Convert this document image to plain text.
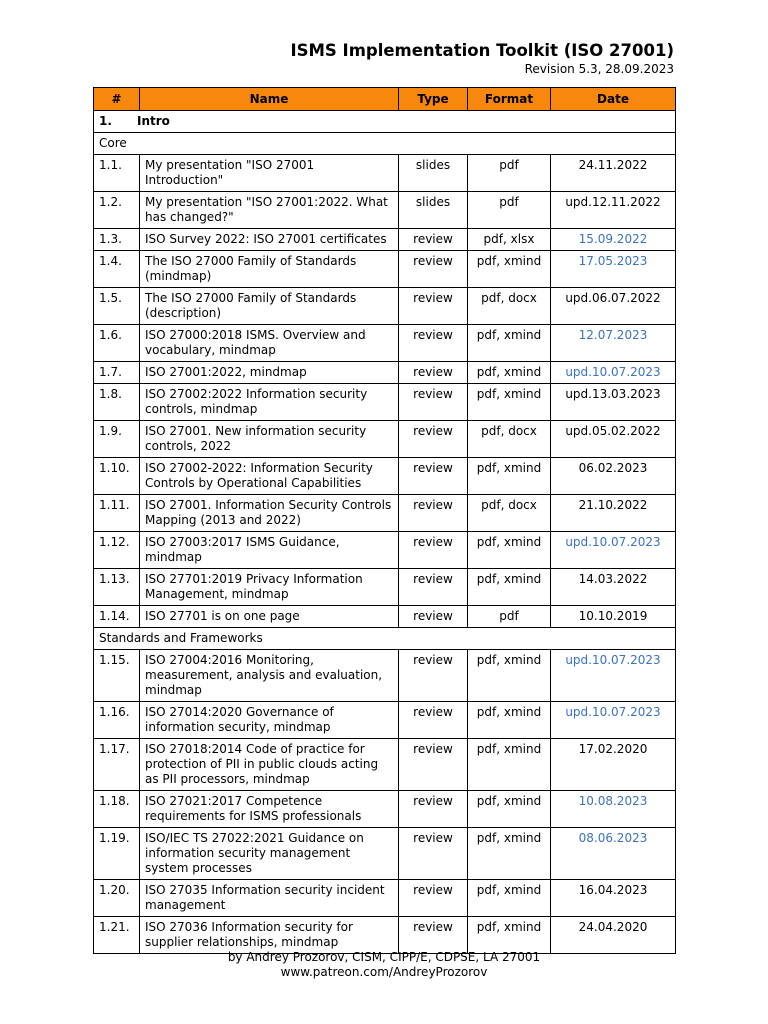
ISMS Implementation Toolkit (ISO 27001)
Revision 5.3, 28.09.2023
#	Name	Type	Format	Date
1. Intro				
Core				
1.1.	My presentation "ISO 27001 Introduction"	slides	pdf	24.11.2022
1.2.	My presentation "ISO 27001:2022. What has changed?"	slides	pdf	upd.12.11.2022
1.3.	ISO Survey 2022: ISO 27001 certificates	review	pdf, xlsx	15.09.2022
1.4.	The ISO 27000 Family of Standards (mindmap)	review	pdf, xmind	17.05.2023
1.5.	The ISO 27000 Family of Standards (description)	review	pdf, docx	upd.06.07.2022
1.6.	ISO 27000:2018 ISMS. Overview and vocabulary, mindmap	review	pdf, xmind	12.07.2023
1.7.	ISO 27001:2022, mindmap	review	pdf, xmind	upd.10.07.2023
1.8.	ISO 27002:2022 Information security controls, mindmap	review	pdf, xmind	upd.13.03.2023
1.9.	ISO 27001. New information security controls, 2022	review	pdf, docx	upd.05.02.2022
1.10.	ISO 27002-2022: Information Security Controls by Operational Capabilities	review	pdf, xmind	06.02.2023
1.11.	ISO 27001. Information Security Controls Mapping (2013 and 2022)	review	pdf, docx	21.10.2022
1.12.	ISO 27003:2017 ISMS Guidance, mindmap	review	pdf, xmind	upd.10.07.2023
1.13.	ISO 27701:2019 Privacy Information Management, mindmap	review	pdf, xmind	14.03.2022
1.14.	ISO 27701 is on one page	review	pdf	10.10.2019
Standards and Frameworks				
1.15.	ISO 27004:2016 Monitoring, measurement, analysis and evaluation, mindmap	review	pdf, xmind	upd.10.07.2023
1.16.	ISO 27014:2020 Governance of information security, mindmap	review	pdf, xmind	upd.10.07.2023
1.17.	ISO 27018:2014 Code of practice for protection of PII in public clouds acting as PII processors, mindmap	review	pdf, xmind	17.02.2020
1.18.	ISO 27021:2017 Competence requirements for ISMS professionals	review	pdf, xmind	10.08.2023
1.19.	ISO/IEC TS 27022:2021 Guidance on information security management system processes	review	pdf, xmind	08.06.2023
1.20.	ISO 27035 Information security incident management	review	pdf, xmind	16.04.2023
1.21.	ISO 27036 Information security for supplier relationships, mindmap	review	pdf, xmind	24.04.2020
by Andrey Prozorov, CISM, CIPP/E, CDPSE, LA 27001
www.patreon.com/AndreyProzorov
